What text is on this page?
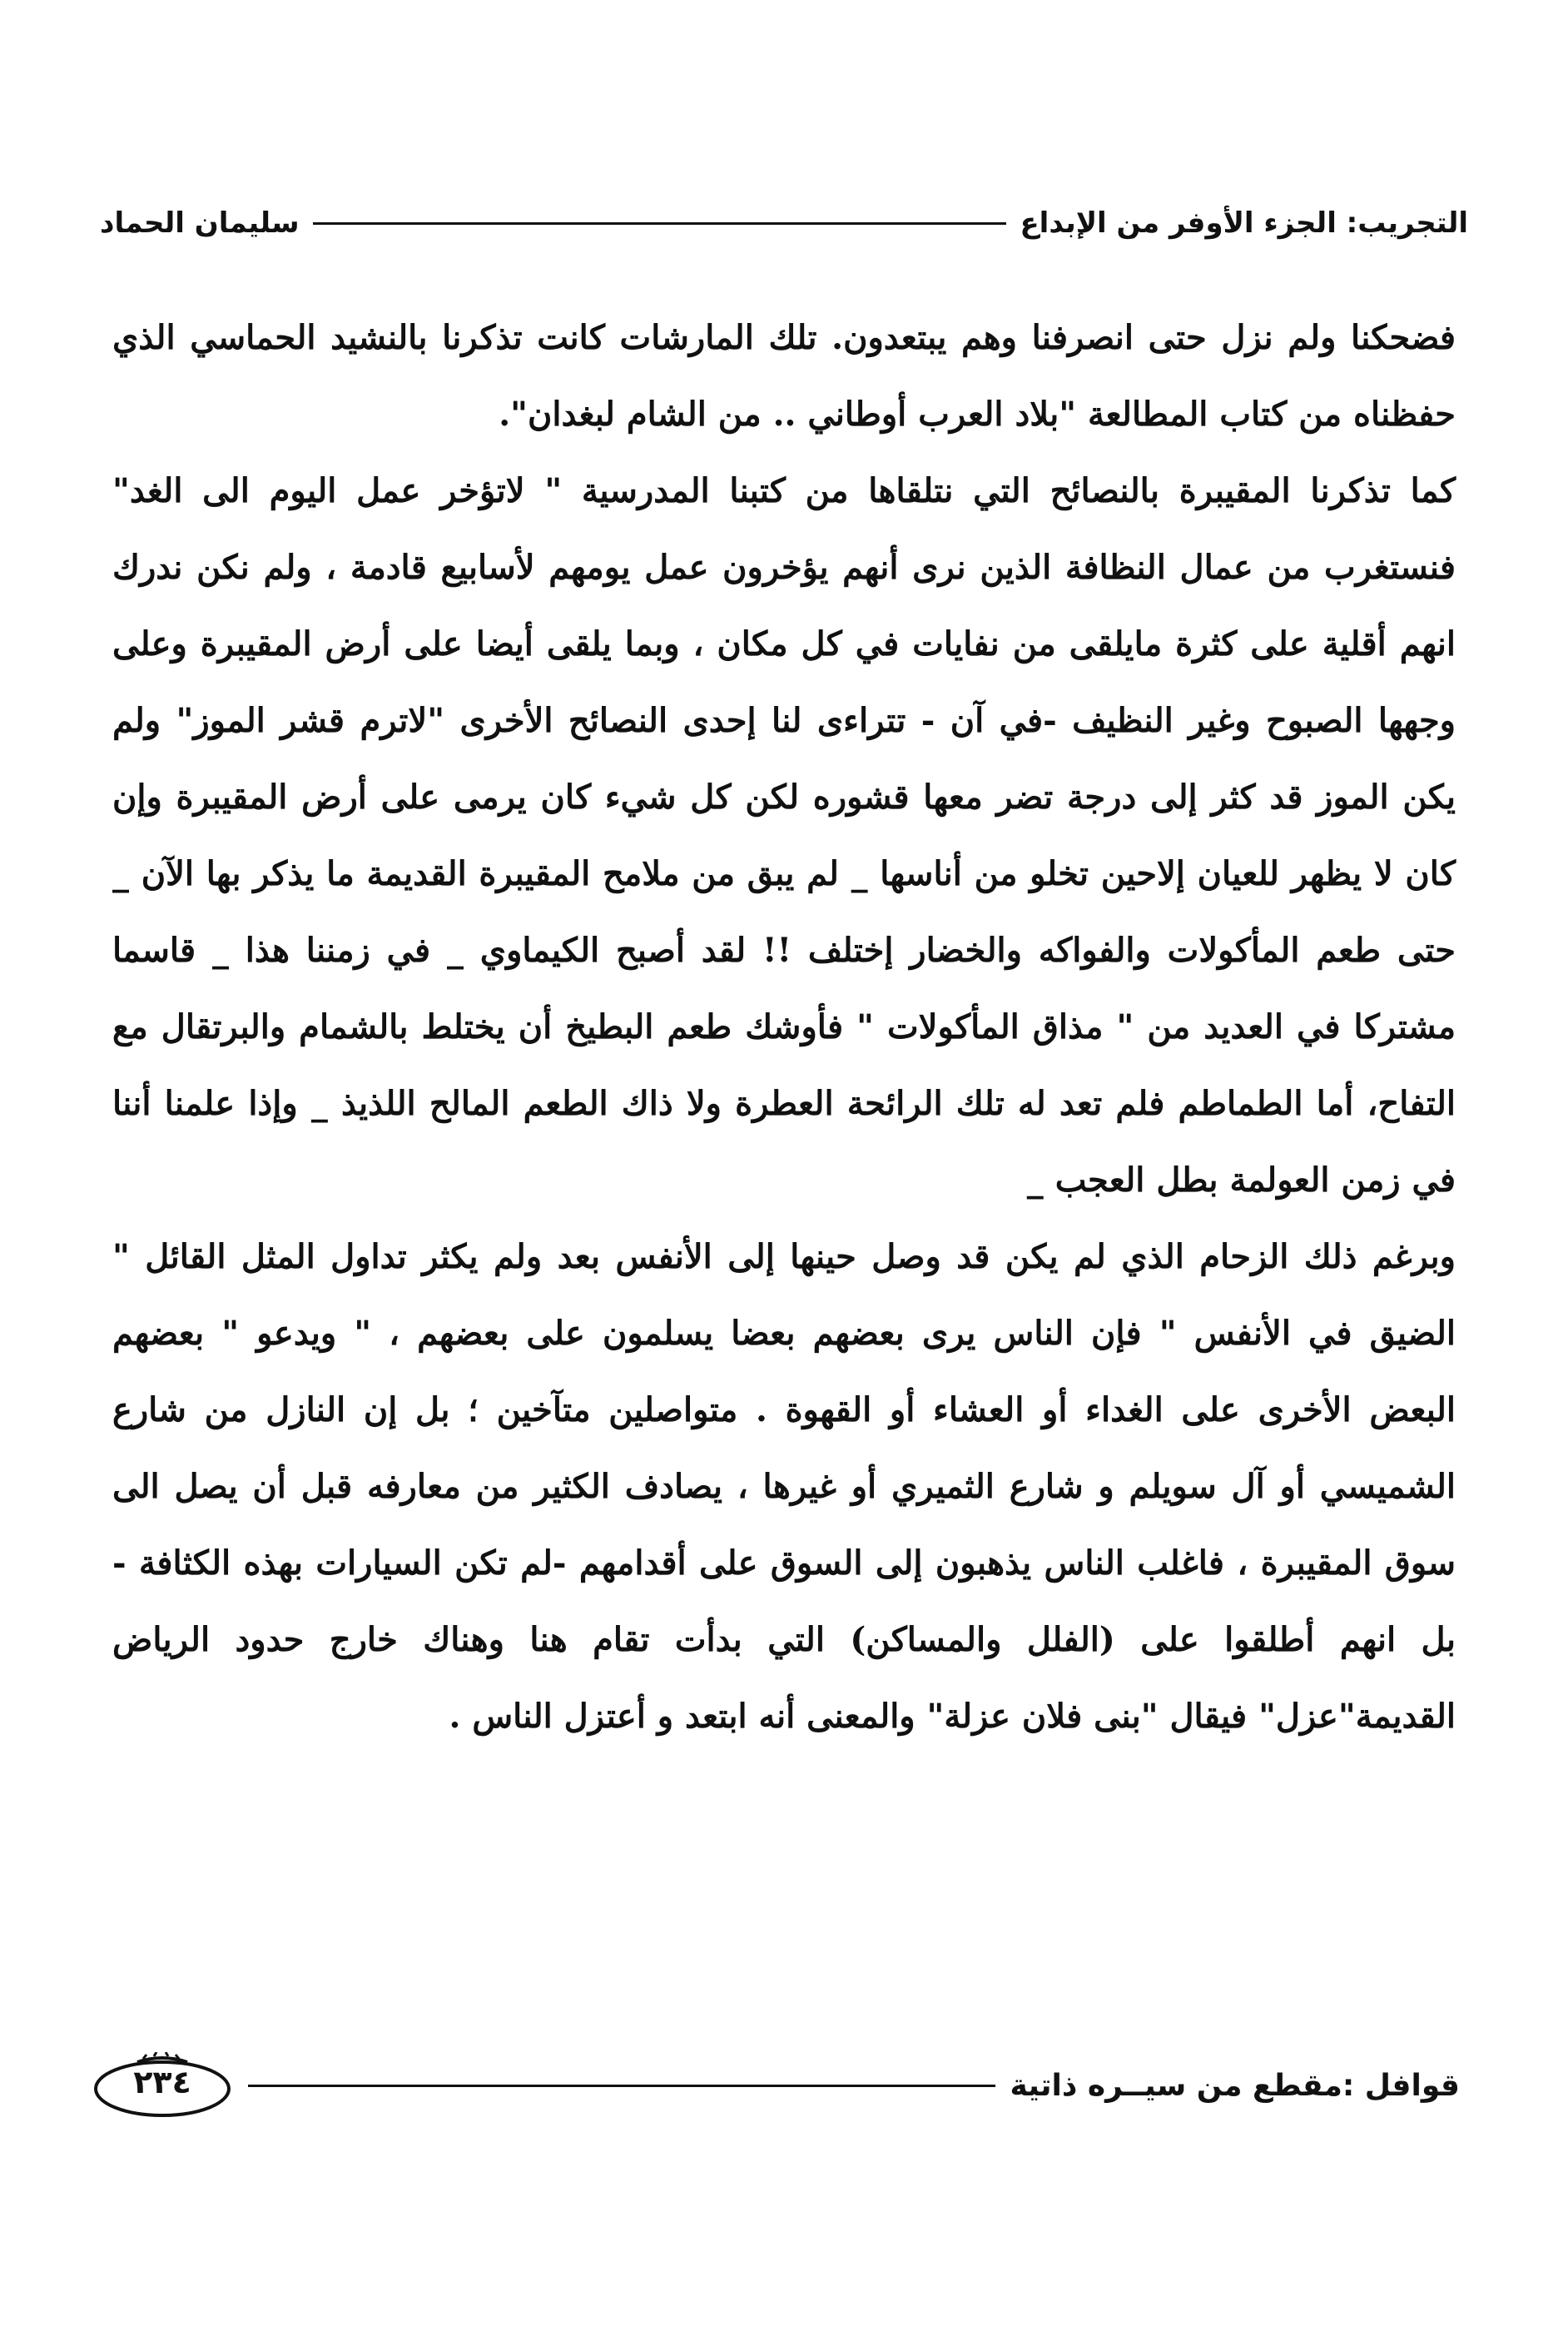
التجريب: الجزء الأوفر من الإبداع
سليمان الحماد

فضحكنا ولم نزل حتى انصرفنا وهم يبتعدون. تلك المارشات كانت تذكرنا بالنشيد الحماسي الذي حفظناه من كتاب المطالعة "بلاد العرب أوطاني .. من الشام لبغدان".

كما تذكرنا المقيبرة بالنصائح التي نتلقاها من كتبنا المدرسية " لاتؤخر عمل اليوم الى الغد" فنستغرب من عمال النظافة الذين نرى أنهم يؤخرون عمل يومهم لأسابيع قادمة ، ولم نكن ندرك انهم أقلية على كثرة مايلقى من نفايات في كل مكان ، وبما يلقى أيضا على أرض المقيبرة وعلى وجهها الصبوح وغير النظيف -في آن - تتراءى لنا إحدى النصائح الأخرى "لاترم قشر الموز" ولم يكن الموز قد كثر إلى درجة تضر معها قشوره لكن كل شيء كان يرمى على أرض المقيبرة وإن كان لا يظهر للعيان إلاحين تخلو من أناسها _ لم يبق من ملامح المقيبرة القديمة ما يذكر بها الآن _ حتى طعم المأكولات والفواكه والخضار إختلف !! لقد أصبح الكيماوي _ في زمننا هذا _ قاسما مشتركا في العديد من " مذاق المأكولات " فأوشك طعم البطيخ أن يختلط بالشمام والبرتقال مع التفاح، أما الطماطم فلم تعد له تلك الرائحة العطرة ولا ذاك الطعم المالح اللذيذ _ وإذا علمنا أننا في زمن العولمة بطل العجب _

وبرغم ذلك الزحام الذي لم يكن قد وصل حينها إلى الأنفس بعد ولم يكثر تداول المثل القائل " الضيق في الأنفس " فإن الناس يرى بعضهم بعضا يسلمون على بعضهم ، " ويدعو " بعضهم البعض الأخرى على الغداء أو العشاء أو القهوة . متواصلين متآخين ؛ بل إن النازل من شارع الشميسي أو آل سويلم و شارع الثميري أو غيرها ، يصادف الكثير من معارفه قبل أن يصل الى سوق المقيبرة ، فاغلب الناس يذهبون إلى السوق على أقدامهم -لم تكن السيارات بهذه الكثافة - بل انهم أطلقوا على (الفلل والمساكن) التي بدأت تقام هنا وهناك خارج حدود الرياض القديمة"عزل" فيقال "بنى فلان عزلة" والمعنى أنه ابتعد و أعتزل الناس .

قوافل :مقطع من سيــره ذاتية
٢٣٤
